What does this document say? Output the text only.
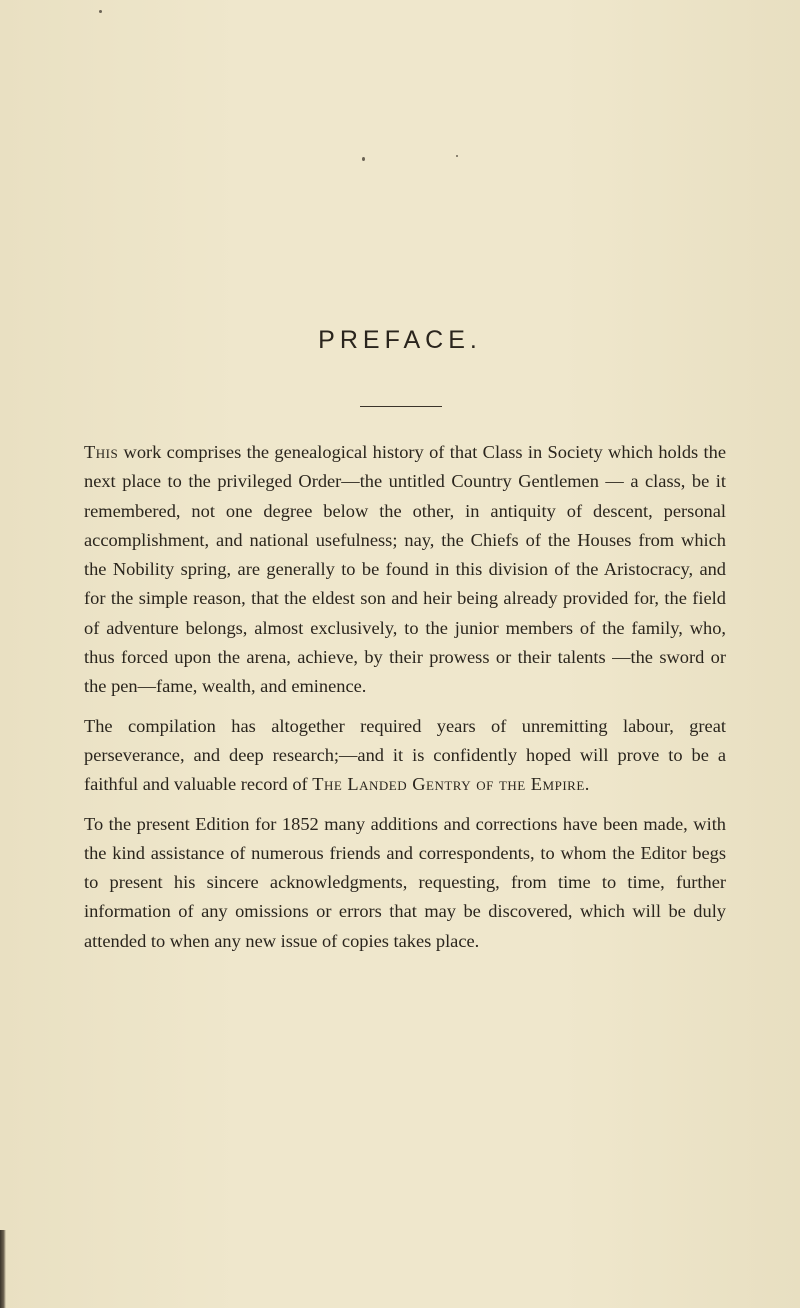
PREFACE.

This work comprises the genealogical history of that Class in Society which holds the next place to the privileged Order—the untitled Country Gentlemen — a class, be it remembered, not one degree below the other, in antiquity of descent, personal accomplishment, and national usefulness; nay, the Chiefs of the Houses from which the Nobility spring, are generally to be found in this division of the Aristocracy, and for the simple reason, that the eldest son and heir being already provided for, the field of adventure belongs, almost exclusively, to the junior members of the family, who, thus forced upon the arena, achieve, by their prowess or their talents —the sword or the pen—fame, wealth, and eminence.

The compilation has altogether required years of unremitting labour, great perseverance, and deep research;—and it is confidently hoped will prove to be a faithful and valuable record of The Landed Gentry of the Empire.

To the present Edition for 1852 many additions and corrections have been made, with the kind assistance of numerous friends and correspondents, to whom the Editor begs to present his sincere acknowledgments, requesting, from time to time, further information of any omissions or errors that may be discovered, which will be duly attended to when any new issue of copies takes place.
